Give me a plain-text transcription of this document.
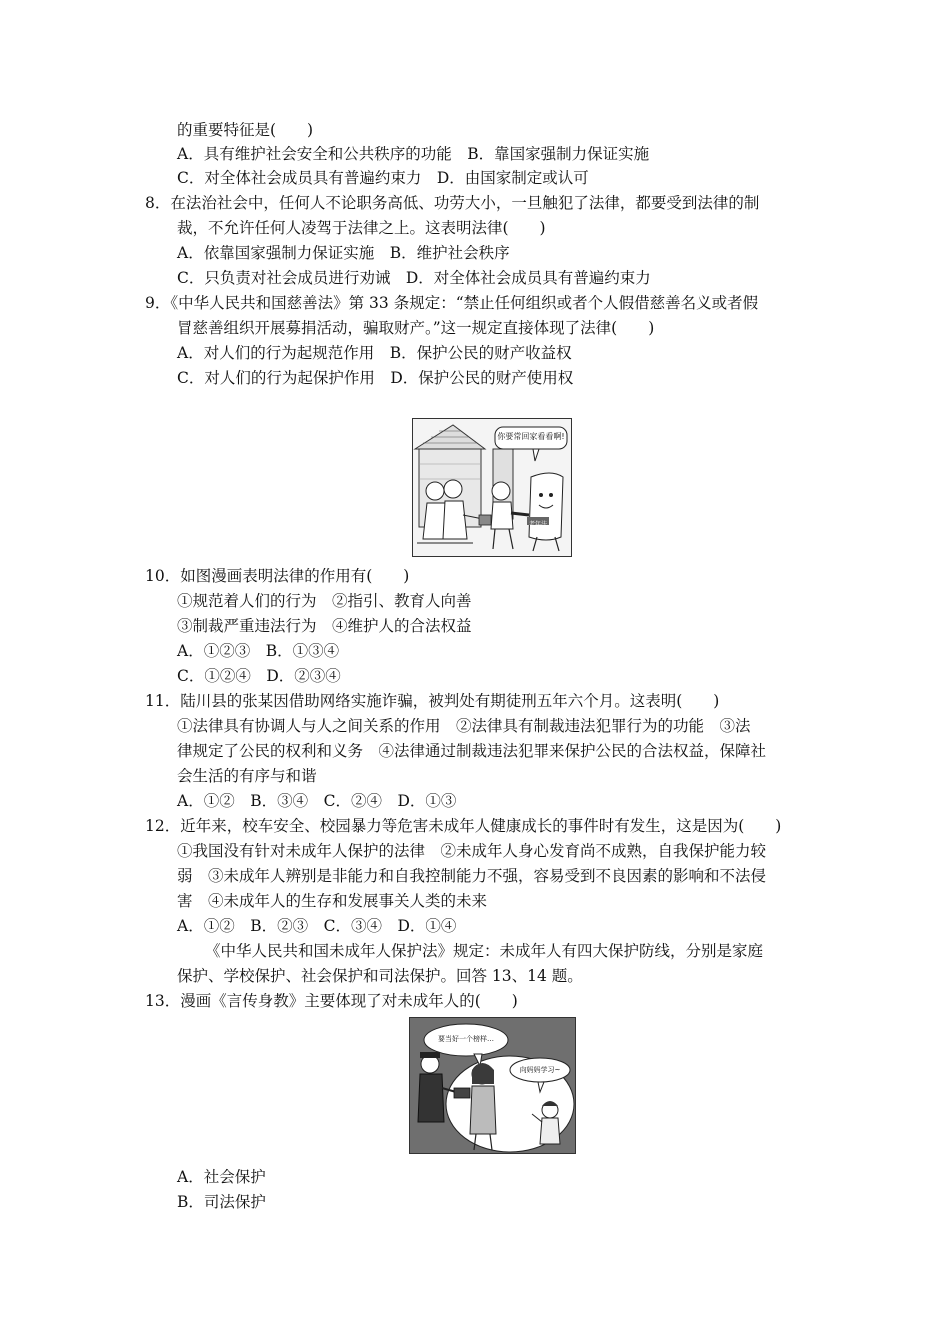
的重要特征是(　　)
A．具有维护社会安全和公共秩序的功能　B．靠国家强制力保证实施
C．对全体社会成员具有普遍约束力　D．由国家制定或认可
8．在法治社会中，任何人不论职务高低、功劳大小，一旦触犯了法律，都要受到法律的制
裁，不允许任何人凌驾于法律之上。这表明法律(　　)
A．依靠国家强制力保证实施　B．维护社会秩序
C．只负责对社会成员进行劝诫　D．对全体社会成员具有普遍约束力
9．《中华人民共和国慈善法》第 33 条规定：“禁止任何组织或者个人假借慈善名义或者假
冒慈善组织开展募捐活动，骗取财产。”这一规定直接体现了法律(　　)
A．对人们的行为起规范作用　B．保护公民的财产收益权
C．对人们的行为起保护作用　D．保护公民的财产使用权
你要常回家看看啊!
老年法
10．如图漫画表明法律的作用有(　　)
①规范着人们的行为　②指引、教育人向善
③制裁严重违法行为　④维护人的合法权益
A．①②③　B．①③④
C．①②④　D．②③④
11．陆川县的张某因借助网络实施诈骗，被判处有期徒刑五年六个月。这表明(　　)
①法律具有协调人与人之间关系的作用　②法律具有制裁违法犯罪行为的功能　③法
律规定了公民的权利和义务　④法律通过制裁违法犯罪来保护公民的合法权益，保障社
会生活的有序与和谐
A．①②　B．③④　C．②④　D．①③
12．近年来，校车安全、校园暴力等危害未成年人健康成长的事件时有发生，这是因为(　　)
①我国没有针对未成年人保护的法律　②未成年人身心发育尚不成熟，自我保护能力较
弱　③未成年人辨别是非能力和自我控制能力不强，容易受到不良因素的影响和不法侵
害　④未成年人的生存和发展事关人类的未来
A．①②　B．②③　C．③④　D．①④
《中华人民共和国未成年人保护法》规定：未成年人有四大保护防线，分别是家庭
保护、学校保护、社会保护和司法保护。回答 13、14 题。
13．漫画《言传身教》主要体现了对未成年人的(　　)
要当好一个榜样…
向妈妈学习~
A．社会保护
B．司法保护
